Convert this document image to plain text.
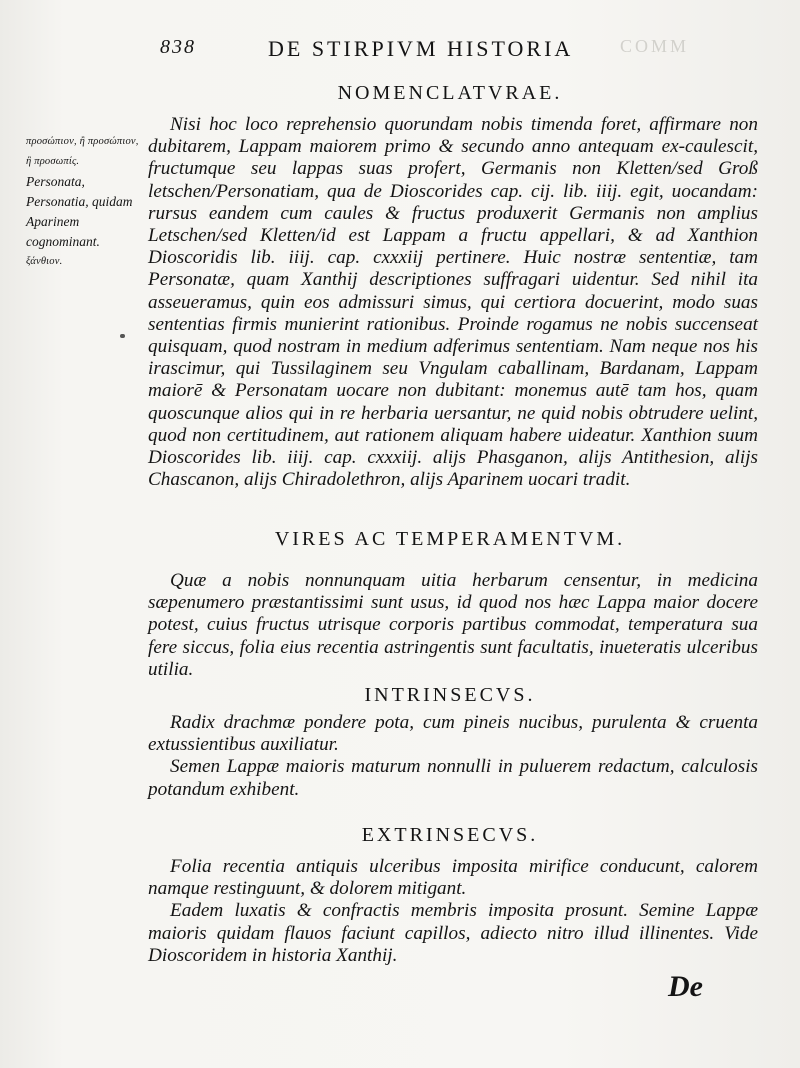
COMM
838	DE STIRPIVM HISTORIA
προσώπιον, ἢ προσώπιον, ἢ προσωπίς.
Personata, Personatia, quidam Aparinem cognominant.
ξάνθιον.
NOMENCLATVRAE.

Nisi hoc loco reprehensio quorundam nobis timenda foret, affirmare non dubitarem, Lappam maiorem primo & secundo anno antequam ex-caulescit, fructumque seu lappas suas profert, Germanis non Kletten/sed Groß letschen/Personatiam, qua de Dioscorides cap. cij. lib. iiij. egit, uocandam: rursus eandem cum caules & fructus produxerit Germanis non amplius Letschen/sed Kletten/id est Lappam a fructu appellari, & ad Xanthion Dioscoridis lib. iiij. cap. cxxxiij pertinere. Huic nostræ sententiæ, tam Personatæ, quam Xanthij descriptiones suffragari uidentur. Sed nihil ita asseueramus, quin eos admissuri simus, qui certiora docuerint, modo suas sententias firmis munierint rationibus. Proinde rogamus ne nobis succenseat quisquam, quod nostram in medium adferimus sententiam. Nam neque nos his irascimur, qui Tussilaginem seu Vngulam caballinam, Bardanam, Lappam maiorē & Personatam uocare non dubitant: monemus autē tam hos, quam quoscunque alios qui in re herbaria uersantur, ne quid nobis obtrudere uelint, quod non certitudinem, aut rationem aliquam habere uideatur. Xanthion suum Dioscorides lib. iiij. cap. cxxxiij. alijs Phasganon, alijs Antithesion, alijs Chascanon, alijs Chiradolethron, alijs Aparinem uocari tradit.

VIRES AC TEMPERAMENTVM.

Quæ a nobis nonnunquam uitia herbarum censentur, in medicina sæpenumero præstantissimi sunt usus, id quod nos hæc Lappa maior docere potest, cuius fructus utrisque corporis partibus commodat, temperatura sua fere siccus, folia eius recentia astringentis sunt facultatis, inueteratis ulceribus utilia.

INTRINSECVS.

Radix drachmæ pondere pota, cum pineis nucibus, purulenta & cruenta extussientibus auxiliatur.

Semen Lappæ maioris maturum nonnulli in puluerem redactum, calculosis potandum exhibent.

EXTRINSECVS.

Folia recentia antiquis ulceribus imposita mirifice conducunt, calorem namque restinguunt, & dolorem mitigant.

Eadem luxatis & confractis membris imposita prosunt. Semine Lappæ maioris quidam flauos faciunt capillos, adiecto nitro illud illinentes. Vide Dioscoridem in historia Xanthij.

De
